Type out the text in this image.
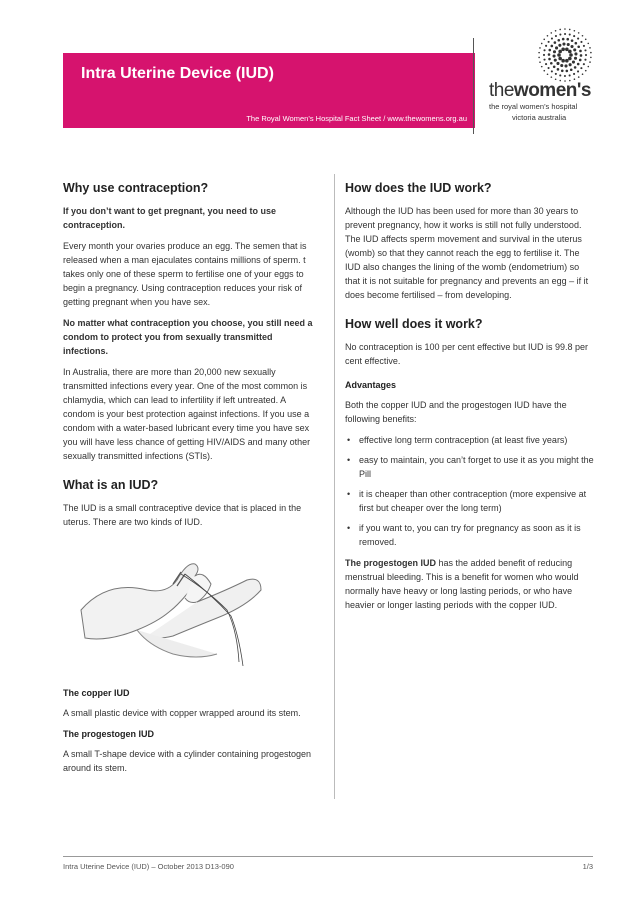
Intra Uterine Device (IUD)
The Royal Women’s Hospital Fact Sheet / www.thewomens.org.au
thewomen's
the royal women’s hospital
victoria australia
Why use contraception?

If you don’t want to get pregnant, you need to use contraception.

Every month your ovaries produce an egg. The semen that is released when a man ejaculates contains millions of sperm. t takes only one of these sperm to fertilise one of your eggs to begin a pregnancy. Using contraception reduces your risk of getting pregnant when you have sex.

No matter what contraception you choose, you still need a condom to protect you from sexually transmitted infections.

In Australia, there are more than 20,000 new sexually transmitted infections every year. One of the most common is chlamydia, which can lead to infertility if left untreated. A condom is your best protection against infections. If you use a condom with a water-based lubricant every time you have sex you will have less chance of getting HIV/AIDS and many other sexually transmitted infections (STIs).

What is an IUD?

The IUD is a small contraceptive device that is placed in the uterus. There are two kinds of IUD.

The copper IUD

A small plastic device with copper wrapped around its stem.

The progestogen IUD

A small T-shape device with a cylinder containing progestogen around its stem.

How does the IUD work?

Although the IUD has been used for more than 30 years to prevent pregnancy, how it works is still not fully understood. The IUD affects sperm movement and survival in the uterus (womb) so that they cannot reach the egg to fertilise it. The IUD also changes the lining of the womb (endometrium) so that it is not suitable for pregnancy and prevents an egg – if it does become fertilised – from developing.

How well does it work?

No contraception is 100 per cent effective but IUD is 99.8 per cent effective.

Advantages

Both the copper IUD and the progestogen IUD have the following benefits:

• effective long term contraception (at least five years)
• easy to maintain, you can’t forget to use it as you might the Pill
• it is cheaper than other contraception (more expensive at first but cheaper over the long term)
• if you want to, you can try for pregnancy as soon as it is removed.

The progestogen IUD has the added benefit of reducing menstrual bleeding. This is a benefit for women who would normally have heavy or long lasting periods, or who have heavier or longer lasting periods with the copper IUD.

Intra Uterine Device (IUD) – October 2013 D13-090	1/3
